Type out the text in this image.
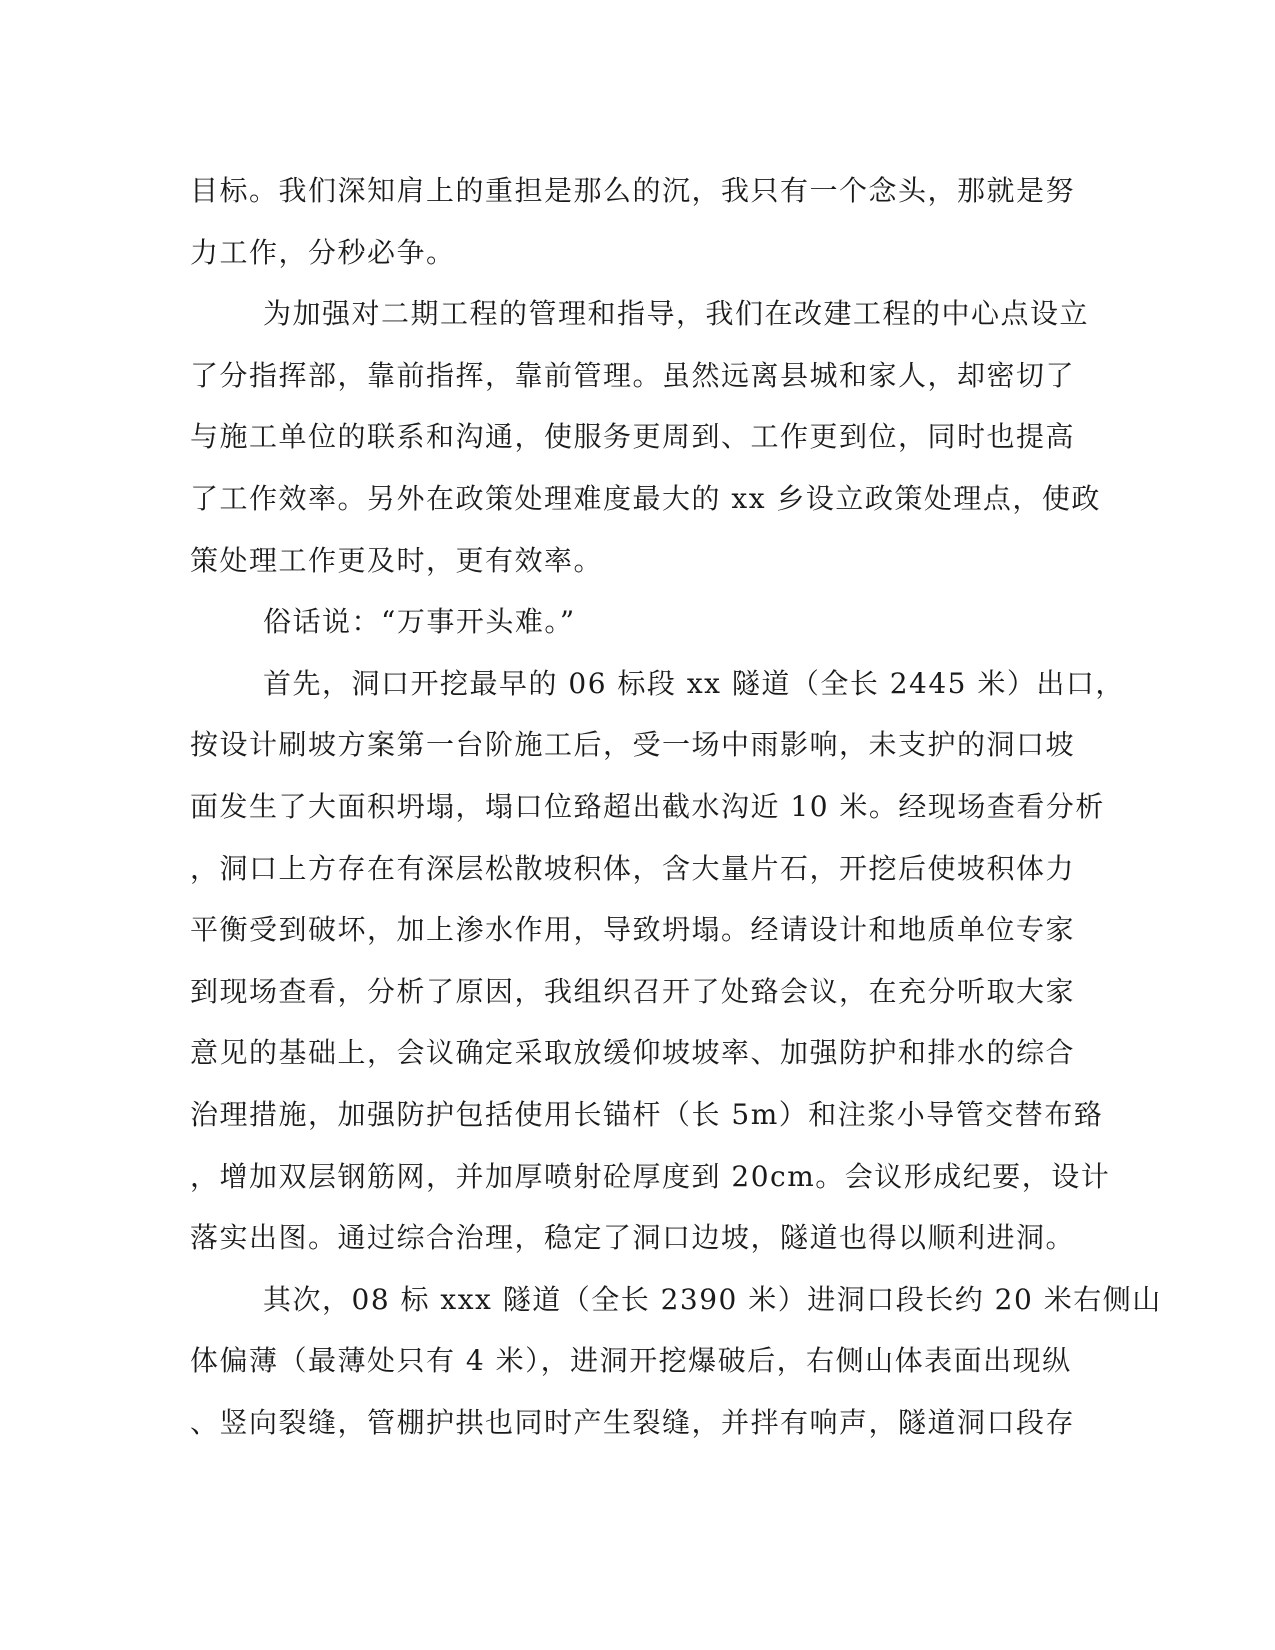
目标。我们深知肩上的重担是那么的沉，我只有一个念头，那就是努
力工作，分秒必争。
为加强对二期工程的管理和指导，我们在改建工程的中心点设立
了分指挥部，靠前指挥，靠前管理。虽然远离县城和家人，却密切了
与施工单位的联系和沟通，使服务更周到、工作更到位，同时也提高
了工作效率。另外在政策处理难度最大的 xx 乡设立政策处理点，使政
策处理工作更及时，更有效率。
俗话说：“万事开头难。”
首先，洞口开挖最早的 06 标段 xx 隧道（全长 2445 米）出口，
按设计刷坡方案第一台阶施工后，受一场中雨影响，未支护的洞口坡
面发生了大面积坍塌，塌口位臵超出截水沟近 10 米。经现场查看分析
，洞口上方存在有深层松散坡积体，含大量片石，开挖后使坡积体力
平衡受到破坏，加上渗水作用，导致坍塌。经请设计和地质单位专家
到现场查看，分析了原因，我组织召开了处臵会议，在充分听取大家
意见的基础上，会议确定采取放缓仰坡坡率、加强防护和排水的综合
治理措施，加强防护包括使用长锚杆（长 5m）和注浆小导管交替布臵
，增加双层钢筋网，并加厚喷射砼厚度到 20cm。会议形成纪要，设计
落实出图。通过综合治理，稳定了洞口边坡，隧道也得以顺利进洞。
其次，08 标 xxx 隧道（全长 2390 米）进洞口段长约 20 米右侧山
体偏薄（最薄处只有 4 米），进洞开挖爆破后，右侧山体表面出现纵
、竖向裂缝，管棚护拱也同时产生裂缝，并拌有响声，隧道洞口段存
